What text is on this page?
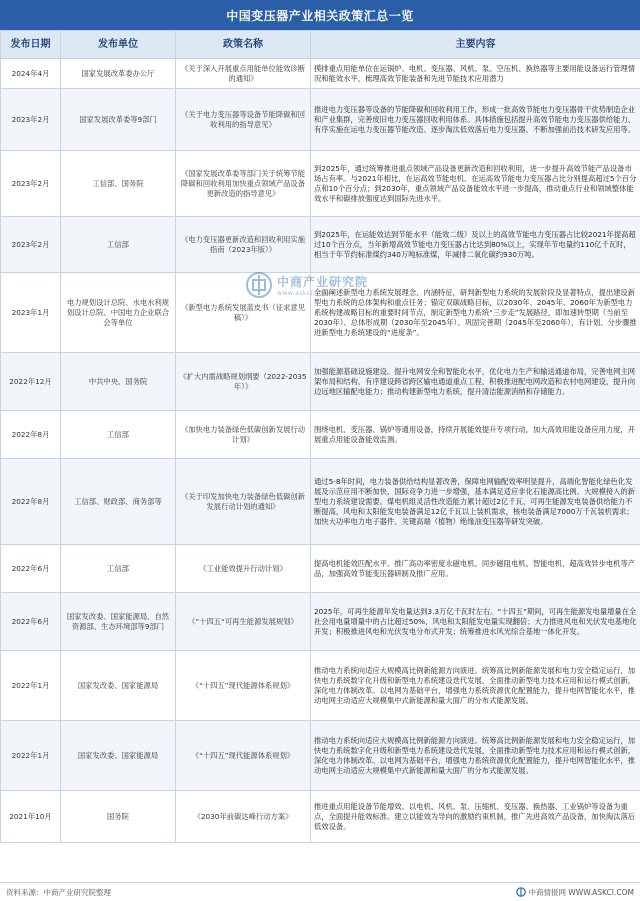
中国变压器产业相关政策汇总一览
发布日期	发布单位	政策名称	主要内容
2024年4月	国家发展改革委办公厅	《关于深入开展重点用能单位能效诊断的通知》	摸排重点用能单位在运锅炉、电机、变压器、风机、泵、空压机、换热器等主要用能设备运行管理情况和能效水平，梳理高效节能装备和先进节能技术应用潜力
2023年2月	国家发展改革委等9部门	《关于电力变压器等设备节能降碳和回收利用的指导意见》	推进电力变压器等设备的节能降碳和回收利用工作，形成一批高效节能电力变压器骨干优势制造企业和产业集群，完善废旧电力变压器回收利用体系。具体措施包括提升高效节能电力变压器供给能力、有序实施在运电力变压器节能改造、逐步淘汰低效落后电力变压器、不断加强前沿技术研发应用等。
2023年2月	工信部、国务院	《国家发展改革委等部门关于统筹节能降碳和回收利用加快重点领域产品设备更新改造的指导意见》	到2025年，通过统筹推进重点领域产品设备更新改造和回收利用，进一步提升高效节能产品设备市场占有率。与2021年相比，在运高效节能电机、在运高效节能电力变压器占比分别提高超过5个百分点和10个百分点；到2030年，重点领域产品设备能效水平进一步提高，推动重点行业和领域整体能效水平和碳排放强度达到国际先进水平。
2023年2月	工信部	《电力变压器更新改造和回收利用实施指南（2023年版）》	到2025年，在运能效达到节能水平（能效二级）及以上的高效节能电力变压器占比较2021年提高超过10个百分点，当年新增高效节能电力变压器占比达到80%以上，实现年节电量约110亿千瓦时，相当于年节约标准煤约340万吨标准煤，年减排二氧化碳约930万吨。
2023年1月	电力规划设计总院、水电水利规划设计总院、中国电力企业联合会等单位	《新型电力系统发展蓝皮书（征求意见稿）》	全面阐述新型电力系统发展理念、内涵特征，研判新型电力系统的发展阶段及显著特点，提出建设新型电力系统的总体架构和重点任务；锚定双碳战略目标，以2030年、2045年、2060年为新型电力系统构建战略目标的重要时间节点，制定新型电力系统“三步走”发展路径，即加速转型期（当前至2030年）、总体形成期（2030年至2045年）、巩固完善期（2045年至2060年），有计划、分步骤推进新型电力系统建设的“进度条”。
2022年12月	中共中央、国务院	《扩大内需战略规划纲要（2022-2035年）》	加强能源基础设施建设。提升电网安全和智能化水平，优化电力生产和输送通道布局，完善电网主网架布局和结构，有序建设跨省跨区输电通道重点工程，积极推进配电网改造和农村电网建设，提升向边远地区输配电能力；推动构建新型电力系统，提升清洁能源消纳和存储能力。
2022年8月	工信部	《加快电力装备绿色低碳创新发展行动计划》	围绕电机、变压器、锅炉等通用设备，持续开展能效提升专项行动，加大高效用能设备应用力度，开展重点用能设备能效监测。
2022年8月	工信部、财政部、商务部等	《关于印发加快电力装备绿色低碳创新发展行动计划的通知》	通过5-8年时间，电力装备供给结构显著改善，保障电网输配效率明显提升，高端化智能化绿色化发展及示范应用不断加快，国际竞争力进一步增强，基本满足适应非化石能源高比例、大规模接入的新型电力系统建设需要。煤电机组灵活性改造能力累计超过2亿千瓦，可再生能源发电装备供给能力不断提高，风电和太阳能发电装备满足12亿千瓦以上装机需求，核电装备满足7000万千瓦装机需求；加快大功率电力电子器件、关键高端（植物）绝缘油变压器等研发突破。
2022年6月	工信部	《工业能效提升行动计划》	提高电机能效匹配水平。推广高功率密度永磁电机、同步磁阻电机、智能电机、超高效异步电机等产品，加强高效节能变压器研制及推广应用。
2022年6月	国家发改委、国家能源局、自然资源部、生态环境部等9部门	《”十四五“可再生能源发展规划》	2025年，可再生能源年发电量达到3.3万亿千瓦时左右。“十四五”期间，可再生能源发电量增量在全社会用电量增量中的占比超过50%，风电和太阳能发电量实现翻倍；大力推进风电和光伏发电基地化开发；积极推进风电和光伏发电分布式开发；统筹推进水风光综合基地一体化开发。
2022年1月	国家发改委、国家能源局	《“十四五”现代能源体系规划》	推动电力系统向适应大规模高比例新能源方向演进。统筹高比例新能源发展和电力安全稳定运行，加快电力系统数字化升级和新型电力系统建设迭代发展，全面推动新型电力技术应用和运行模式创新，深化电力体制改革。以电网为基础平台，增强电力系统资源优化配置能力，提升电网智能化水平，推动电网主动适应大规模集中式新能源和量大面广的分布式能源发展。
2022年1月	国家发改委、国家能源局	《“十四五”现代能源体系规划》	推动电力系统向适应大规模高比例新能源方向演进。统筹高比例新能源发展和电力安全稳定运行，加快电力系统数字化升级和新型电力系统建设迭代发展，全面推动新型电力技术应用和运行模式创新，深化电力体制改革。以电网为基础平台，增强电力系统资源优化配置能力，提升电网智能化水平，推动电网主动适应大规模集中式新能源和量大面广的分布式能源发展。
2021年10月	国务院	《2030年前碳达峰行动方案》	推进重点用能设备节能增效。以电机、风机、泵、压缩机、变压器、换热器、工业锅炉等设备为重点，全面提升能效标准。建立以能效为导向的激励约束机制，推广先进高效产品设备，加快淘汰落后低效设备。
中商产业研究院
www.askci.com
资料来源：中商产业研究院整理	中商情报网 WWW.ASKCI.COM
